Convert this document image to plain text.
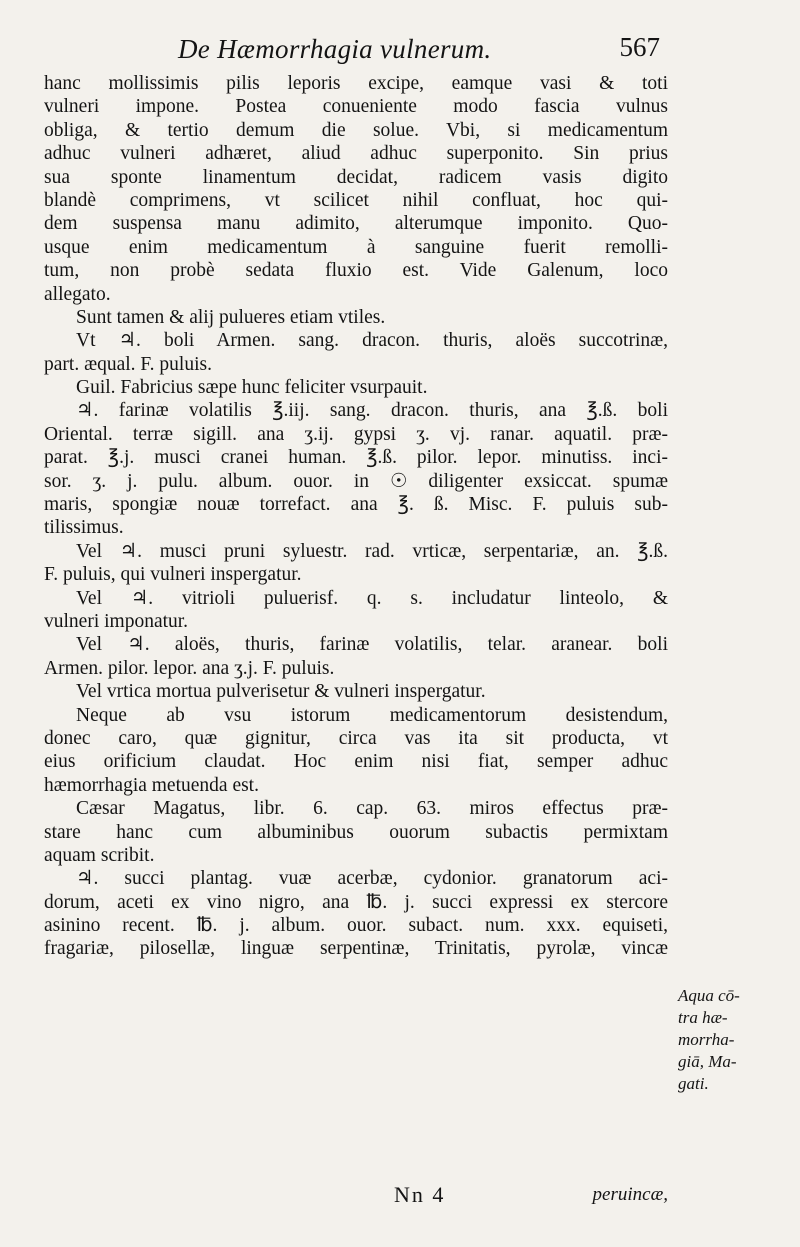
De Hæmorrhagia vulnerum.	567
hanc mollissimis pilis leporis excipe, eamque vasi & toti
vulneri impone. Postea conueniente modo fascia vulnus
obliga, & tertio demum die solue. Vbi, si medicamentum
adhuc vulneri adhæret, aliud adhuc superponito. Sin prius
sua sponte linamentum decidat, radicem vasis digito
blandè comprimens, vt scilicet nihil confluat, hoc qui-
dem suspensa manu adimito, alterumque imponito. Quo-
usque enim medicamentum à sanguine fuerit remolli-
tum, non probè sedata fluxio est. Vide Galenum, loco
allegato.
Sunt tamen & alij pulueres etiam vtiles.
Vt ♃. boli Armen. sang. dracon. thuris, aloës succotrinæ,
part. æqual. F. puluis.
Guil. Fabricius sæpe hunc feliciter vsurpauit.
♃. farinæ volatilis ℥.iij. sang. dracon. thuris, ana ℥.ß. boli
Oriental. terræ sigill. ana ʒ.ij. gypsi ʒ. vj. ranar. aquatil. præ-
parat. ℥.j. musci cranei human. ℥.ß. pilor. lepor. minutiss. inci-
sor. ʒ. j. pulu. album. ouor. in ☉ diligenter exsiccat. spumæ
maris, spongiæ nouæ torrefact. ana ℥. ß. Misc. F. puluis sub-
tilissimus.
Vel ♃. musci pruni syluestr. rad. vrticæ, serpentariæ, an. ℥.ß.
F. puluis, qui vulneri inspergatur.
Vel ♃. vitrioli puluerisf. q. s. includatur linteolo, &
vulneri imponatur.
Vel ♃. aloës, thuris, farinæ volatilis, telar. aranear. boli
Armen. pilor. lepor. ana ʒ.j. F. puluis.
Vel vrtica mortua pulverisetur & vulneri inspergatur.
Neque ab vsu istorum medicamentorum desistendum,
donec caro, quæ gignitur, circa vas ita sit producta, vt
eius orificium claudat. Hoc enim nisi fiat, semper adhuc
hæmorrhagia metuenda est.
Cæsar Magatus, libr. 6. cap. 63. miros effectus præ-
stare hanc cum albuminibus ouorum subactis permixtam
aquam scribit.
♃. succi plantag. vuæ acerbæ, cydonior. granatorum aci-
dorum, aceti ex vino nigro, ana ℔. j. succi expressi ex stercore
asinino recent. ℔. j. album. ouor. subact. num. xxx. equiseti,
fragariæ, pilosellæ, linguæ serpentinæ, Trinitatis, pyrolæ, vincæ
Aqua cō-
tra hæ-
morrha-
giā, Ma-
gati.
Nn 4	peruincæ,
